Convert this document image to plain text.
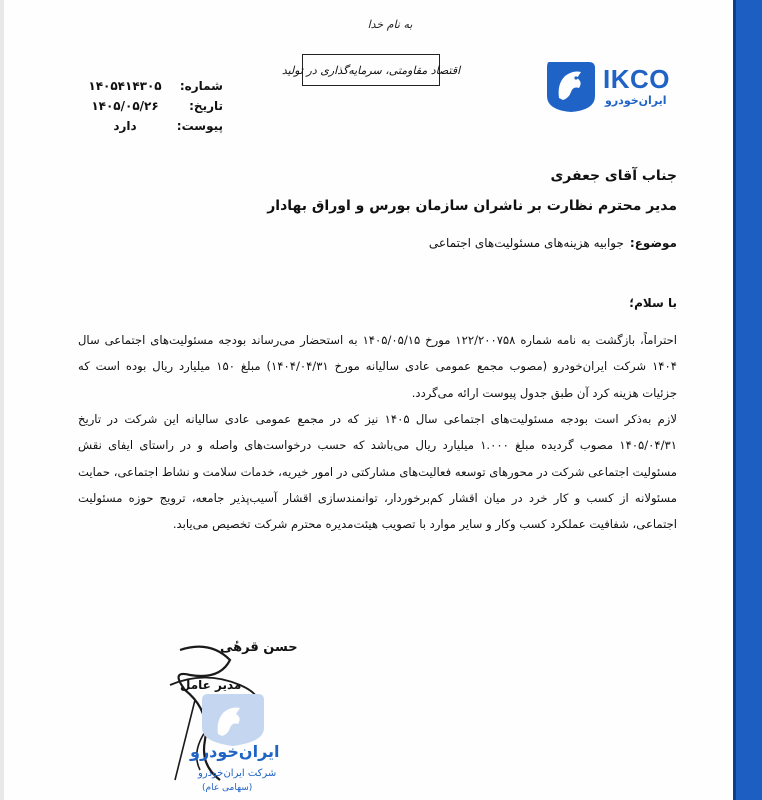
به نام خدا
اقتصاد مقاومتی، سرمایه‌گذاری در تولید	IKCO
ایران‌خودرو
شماره:
۱۴۰۵۴۱۴۳۰۵
تاریخ:
۱۴۰۵/۰۵/۲۶
پیوست:
دارد
جناب آقای جعفری
مدیر محترم نظارت بر ناشران سازمان بورس و اوراق بهادار
موضوع:جوابیه هزینه‌های مسئولیت‌های اجتماعی
با سلام؛

احتراماً، بازگشت به نامه شماره ۱۲۲/۲۰۰۷۵۸ مورخ ۱۴۰۵/۰۵/۱۵ به استحضار می‌رساند بودجه مسئولیت‌های اجتماعی سال ۱۴۰۴ شرکت ایران‌خودرو (مصوب مجمع عمومی عادی سالیانه مورخ ۱۴۰۴/۰۴/۳۱) مبلغ ۱۵۰ میلیارد ریال بوده است که جزئیات هزینه کرد آن طبق جدول پیوست ارائه می‌گردد.

لازم به‌ذکر است بودجه مسئولیت‌های اجتماعی سال ۱۴۰۵ نیز که در مجمع عمومی عادی سالیانه این شرکت در تاریخ ۱۴۰۵/۰۴/۳۱ مصوب گردیده مبلغ ۱.۰۰۰ میلیارد ریال می‌باشد که حسب درخواست‌های واصله و در راستای ایفای نقش مسئولیت اجتماعی شرکت در محورهای توسعه فعالیت‌های مشارکتی در امور خیریه، خدمات سلامت و نشاط اجتماعی، حمایت مسئولانه از کسب و کار خرد در میان اقشار کم‌برخوردار، توانمندسازی اقشار آسیب‌پذیر جامعه، ترویج حوزه مسئولیت اجتماعی، شفافیت عملکرد کسب وکار و سایر موارد با تصویب هیئت‌مدیره محترم شرکت تخصیص می‌یابد.

ایران‌خودرو
شرکت ایران‌خودرو
(سهامی عام)
حسن قرهٔی
مدیر عامل
